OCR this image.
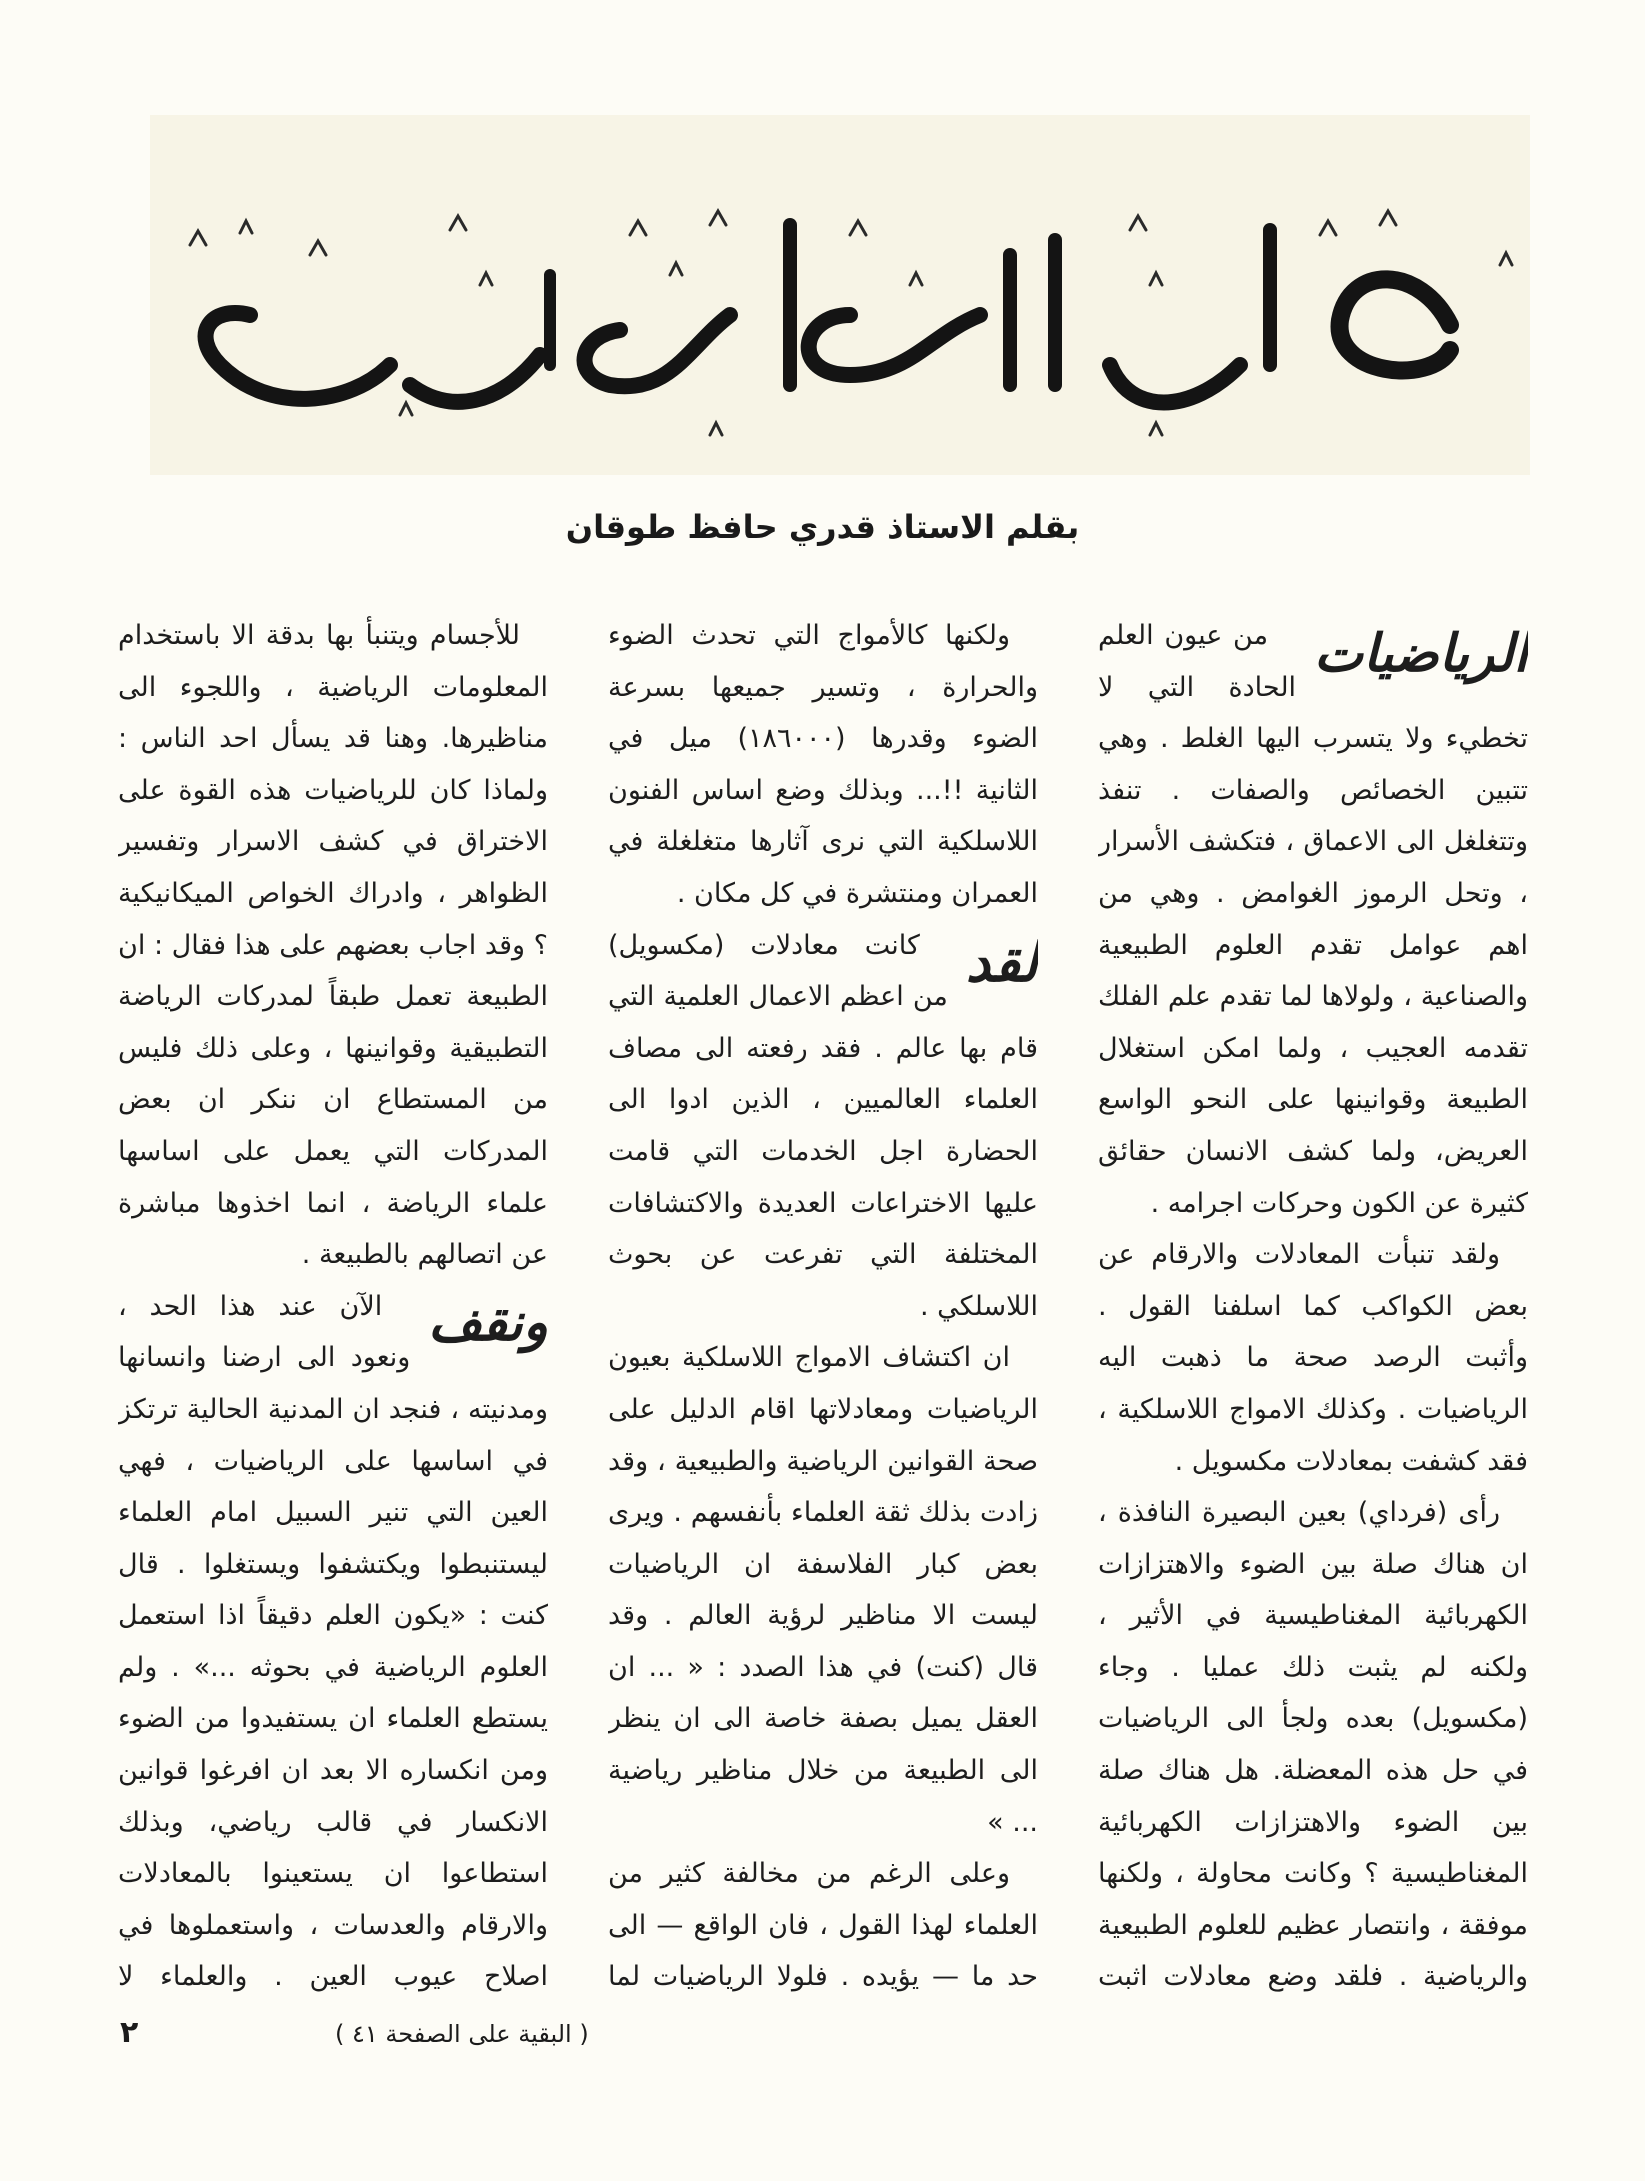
بقلم الاستاذ قدري حافظ طوقان
الرياضيات

من عيون العلم الحادة التي لا تخطيء ولا يتسرب اليها الغلط . وهي تتبين الخصائص والصفات . تنفذ وتتغلغل الى الاعماق ، فتكشف الأسرار ، وتحل الرموز الغوامض . وهي من اهم عوامل تقدم العلوم الطبيعية والصناعية ، ولولاها لما تقدم علم الفلك تقدمه العجيب ، ولما امكن استغلال الطبيعة وقوانينها على النحو الواسع العريض، ولما كشف الانسان حقائق كثيرة عن الكون وحركات اجرامه .

ولقد تنبأت المعادلات والارقام عن بعض الكواكب كما اسلفنا القول . وأثبت الرصد صحة ما ذهبت اليه الرياضيات . وكذلك الامواج اللاسلكية ، فقد كشفت بمعادلات مكسويل .

رأى (فرداي) بعين البصيرة النافذة ، ان هناك صلة بين الضوء والاهتزازات الكهربائية المغناطيسية في الأثير ، ولكنه لم يثبت ذلك عمليا . وجاء (مكسويل) بعده ولجأ الى الرياضيات في حل هذه المعضلة. هل هناك صلة بين الضوء والاهتزازات الكهربائية المغناطيسية ؟ وكانت محاولة ، ولكنها موفقة ، وانتصار عظيم للعلوم الطبيعية والرياضية . فلقد وضع معادلات اثبت

ولكنها كالأمواج التي تحدث الضوء والحرارة ، وتسير جميعها بسرعة الضوء وقدرها (١٨٦٠٠٠) ميل في الثانية !!... وبذلك وضع اساس الفنون اللاسلكية التي نرى آثارها متغلغلة في العمران ومنتشرة في كل مكان .

لقد

كانت معادلات (مكسويل) من اعظم الاعمال العلمية التي قام بها عالم . فقد رفعته الى مصاف العلماء العالميين ، الذين ادوا الى الحضارة اجل الخدمات التي قامت عليها الاختراعات العديدة والاكتشافات المختلفة التي تفرعت عن بحوث اللاسلكي .

ان اكتشاف الامواج اللاسلكية بعيون الرياضيات ومعادلاتها اقام الدليل على صحة القوانين الرياضية والطبيعية ، وقد زادت بذلك ثقة العلماء بأنفسهم . ويرى بعض كبار الفلاسفة ان الرياضيات ليست الا مناظير لرؤية العالم . وقد قال (كنت) في هذا الصدد : « ... ان العقل يميل بصفة خاصة الى ان ينظر الى الطبيعة من خلال مناظير رياضية ... »

وعلى الرغم من مخالفة كثير من العلماء لهذا القول ، فان الواقع — الى حد ما — يؤيده . فلولا الرياضيات لما

للأجسام ويتنبأ بها بدقة الا باستخدام المعلومات الرياضية ، واللجوء الى مناظيرها. وهنا قد يسأل احد الناس : ولماذا كان للرياضيات هذه القوة على الاختراق في كشف الاسرار وتفسير الظواهر ، وادراك الخواص الميكانيكية ؟ وقد اجاب بعضهم على هذا فقال : ان الطبيعة تعمل طبقاً لمدركات الرياضة التطبيقية وقوانينها ، وعلى ذلك فليس من المستطاع ان ننكر ان بعض المدركات التي يعمل على اساسها علماء الرياضة ، انما اخذوها مباشرة عن اتصالهم بالطبيعة .

ونقف

الآن عند هذا الحد ، ونعود الى ارضنا وانسانها ومدنيته ، فنجد ان المدنية الحالية ترتكز في اساسها على الرياضيات ، فهي العين التي تنير السبيل امام العلماء ليستنبطوا ويكتشفوا ويستغلوا . قال كنت : «يكون العلم دقيقاً اذا استعمل العلوم الرياضية في بحوثه ...» . ولم يستطع العلماء ان يستفيدوا من الضوء ومن انكساره الا بعد ان افرغوا قوانين الانكسار في قالب رياضي، وبذلك استطاعوا ان يستعينوا بالمعادلات والارقام والعدسات ، واستعملوها في اصلاح عيوب العين . والعلماء لا

( البقية على الصفحة ٤١ )
٢
